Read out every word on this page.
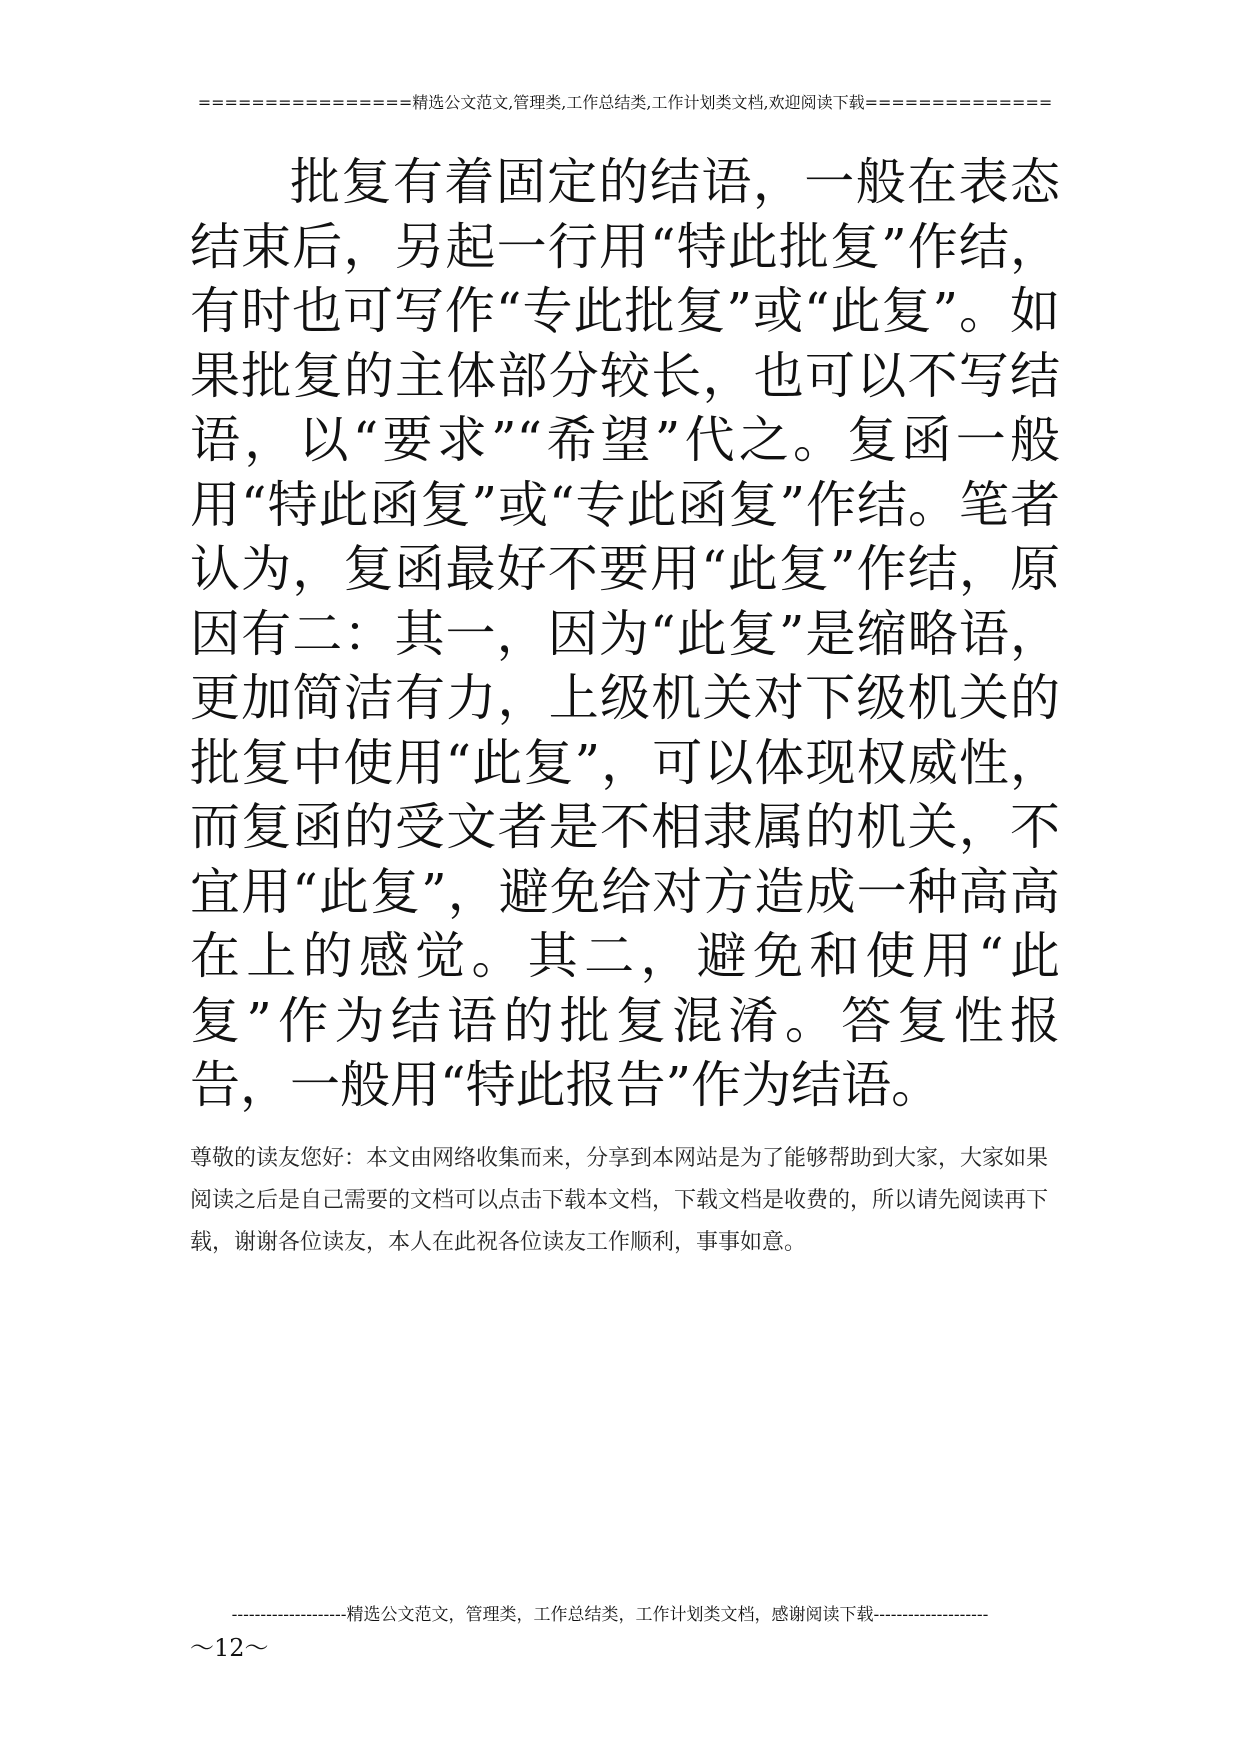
================精选公文范文,管理类,工作总结类,工作计划类文档,欢迎阅读下载==============

批复有着固定的结语，一般在表态结束后，另起一行用“特此批复”作结，有时也可写作“专此批复”或“此复”。如果批复的主体部分较长，也可以不写结语，以“要求”“希望”代之。复函一般用“特此函复”或“专此函复”作结。笔者认为，复函最好不要用“此复”作结，原因有二：其一，因为“此复”是缩略语，更加简洁有力，上级机关对下级机关的批复中使用“此复”，可以体现权威性，而复函的受文者是不相隶属的机关，不宜用“此复”，避免给对方造成一种高高在上的感觉。其二，避免和使用“此复”作为结语的批复混淆。答复性报告，一般用“特此报告”作为结语。

尊敬的读友您好：本文由网络收集而来，分享到本网站是为了能够帮助到大家，大家如果阅读之后是自己需要的文档可以点击下载本文档，下载文档是收费的，所以请先阅读再下载，谢谢各位读友，本人在此祝各位读友工作顺利，事事如意。

--------------------精选公文范文，管理类，工作总结类，工作计划类文档，感谢阅读下载--------------------
～12～
